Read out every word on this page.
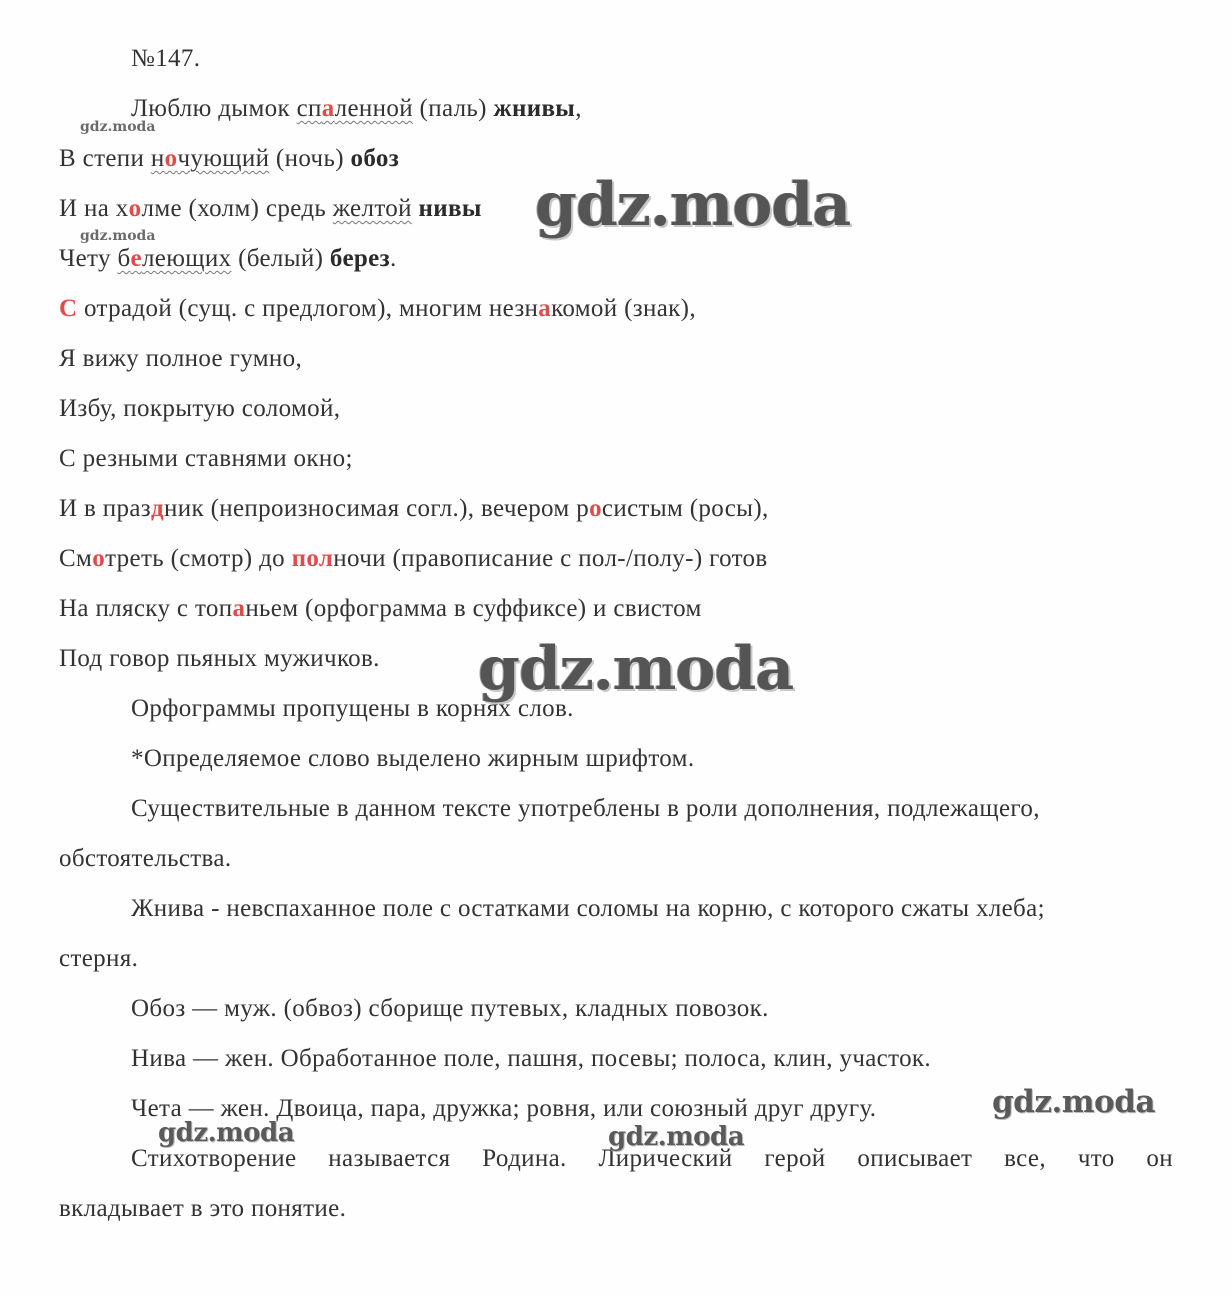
№147.
Люблю дымок спаленной (паль) жнивы,
В степи ночующий (ночь) обоз
И на холме (холм) средь желтой нивы
Чету белеющих (белый) берез.
С отрадой (сущ. с предлогом), многим незнакомой (знак),
Я вижу полное гумно,
Избу, покрытую соломой,
С резными ставнями окно;
И в праздник (непроизносимая согл.), вечером росистым (росы),
Смотреть (смотр) до полночи (правописание с пол-/полу-) готов
На пляску с топаньем (орфограмма в суффиксе) и свистом
Под говор пьяных мужичков.
Орфограммы пропущены в корнях слов.
*Определяемое слово выделено жирным шрифтом.
Существительные в данном тексте употреблены в роли дополнения, подлежащего,
обстоятельства.
Жнива - невспаханное поле с остатками соломы на корню, с которого сжаты хлеба;
стерня.
Обоз — муж. (обвоз) сборище путевых, кладных повозок.
Нива — жен. Обработанное поле, пашня, посевы; полоса, клин, участок.
Чета — жен. Двоица, пара, дружка; ровня, или союзный друг другу.
Стихотворение называется Родина. Лирический герой описывает все, что он
вкладывает в это понятие.
gdz.moda
gdz.moda	gdz.moda
gdz.moda
gdz.moda
gdz.moda	gdz.moda
